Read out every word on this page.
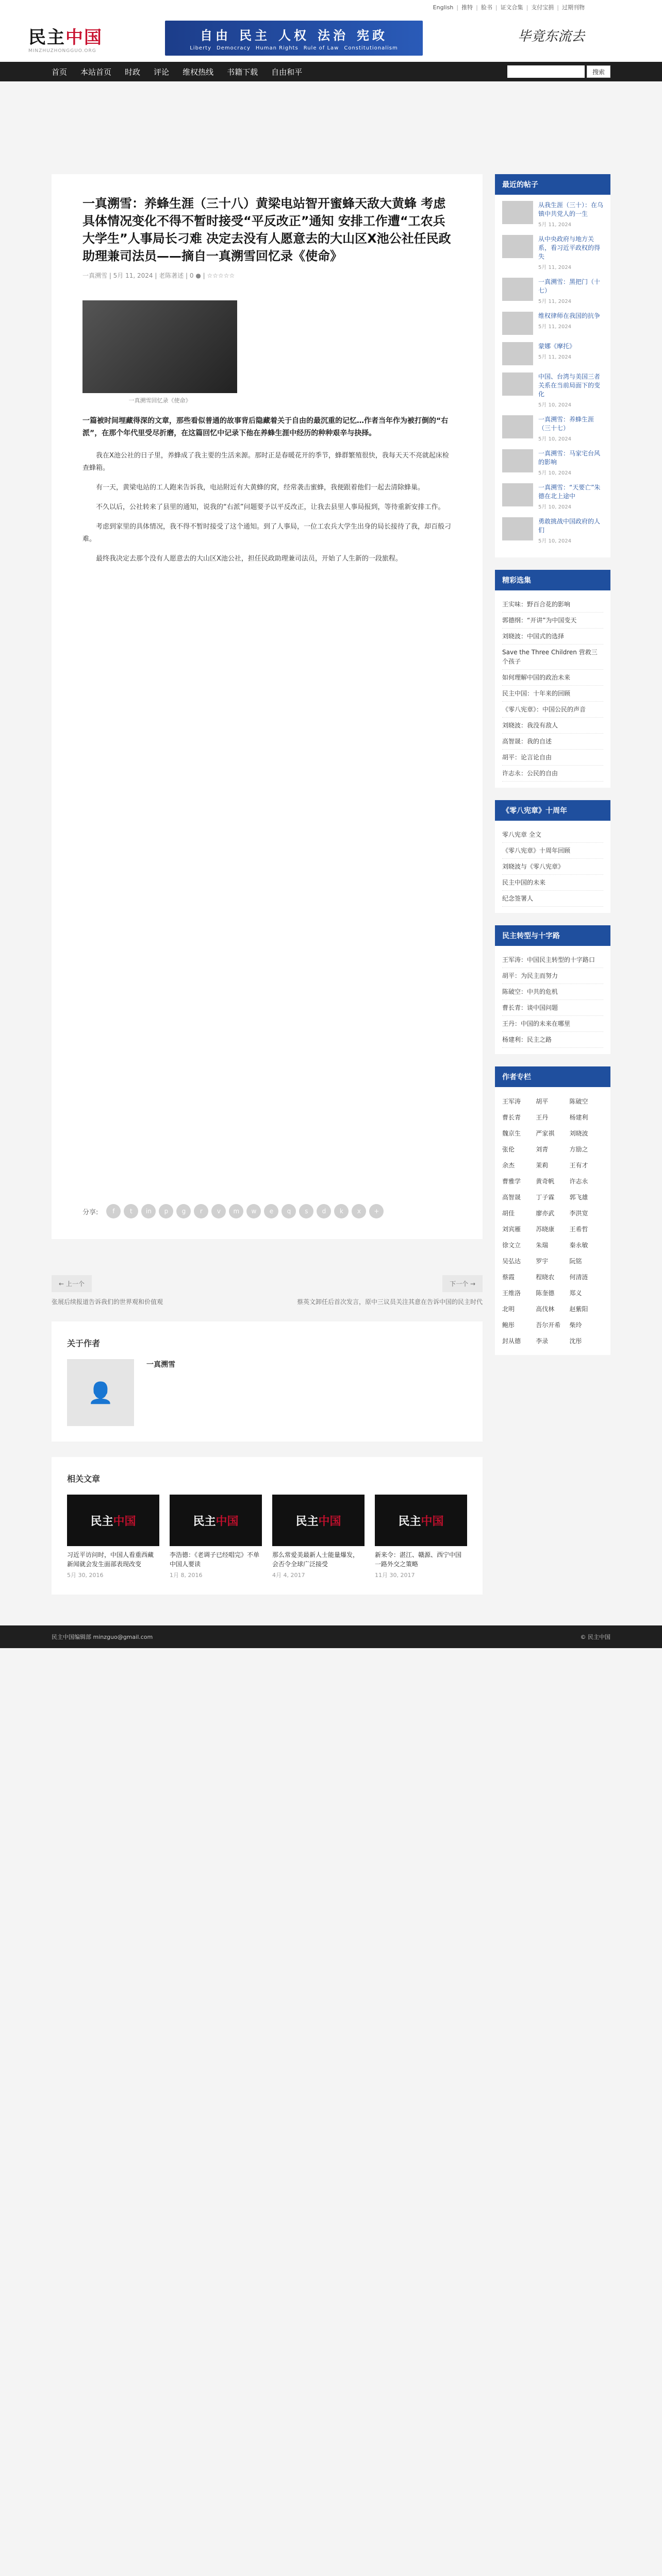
English | 推特 | 脸书 | 证文合集 | 支付宝捐 | 过期刊物
民主中国
MINZHUZHONGGUO.ORG
自由 民主 人权 法治 宪政
Liberty Democracy Human Rights Rule of Law Constitutionalism
毕竟东流去
首页 本站首页 时政 评论 维权热线 书籍下载 自由和平	搜索
一真溯雪：养蜂生涯（三十八）黄梁电站智开蜜蜂天敌大黄蜂 考虑具体情况变化不得不暂时接受“平反改正”通知 安排工作遭“工农兵大学生”人事局长刁难 决定去没有人愿意去的大山区X池公社任民政助理兼司法员——摘自一真溯雪回忆录《使命》
一真溯雪 | 5月 11, 2024 | 老陈著述 | 0 ● | ☆☆☆☆☆
一真溯雪回忆录《使命》

一篇被时间埋藏得深的文章，那些看似普通的故事背后隐藏着关于自由的最沉重的记忆…作者当年作为被打倒的“右派”，在那个年代里受尽折磨，在这篇回忆中记录下他在养蜂生涯中经历的种种艰辛与抉择。

我在X池公社的日子里，养蜂成了我主要的生活来源。那时正是春暖花开的季节，蜂群繁殖很快，我每天天不亮就起床检查蜂箱。

有一天，黄梁电站的工人跑来告诉我，电站附近有大黄蜂的窝，经常袭击蜜蜂，我便跟着他们一起去清除蜂巢。

不久以后，公社转来了县里的通知，说我的“右派”问题要予以平反改正，让我去县里人事局报到，等待重新安排工作。

考虑到家里的具体情况，我不得不暂时接受了这个通知。到了人事局，一位工农兵大学生出身的局长接待了我，却百般刁难。

最终我决定去那个没有人愿意去的大山区X池公社，担任民政助理兼司法员，开始了人生新的一段旅程。

分享:	f	t	in	p	g	r	v	m	w	e	q	s	d	k	x	+
← 上一个
张展后续报道告诉我们的世界观和价值观
下一个 →
蔡英文卸任后首次发言，原中三议员关注其意在告诉中国的民主时代
关于作者
👤
一真溯雪
相关文章
民主 中国
习近平访问时，中国人看重西藏新闻就会发生面部表现改变
5月 30, 2016
民主 中国
李浩德：《老调子已经唱完》不单中国人要读
1月 8, 2016
民主 中国
那么常爱美最新人士能量爆发，会否令全球广泛接受
4月 4, 2017
民主 中国
新来令：湛江、赣源、西宁中国一路外交之策略
11月 30, 2017
最近的帖子
从我生涯（三十）：在乌镇中共党人的一生
5月 11, 2024
从中央政府与地方关系，看习近平政权的得失
5月 11, 2024
一真溯雪：黑把门（十七）
5月 11, 2024
维权律师在我国的抗争
5月 11, 2024
蒙娜《摩托》
5月 11, 2024
中国、台湾与美国三者关系在当前局面下的变化
5月 10, 2024
一真溯雪：养蜂生涯（三十七）
5月 10, 2024
一真溯雪：马家宅台风的影响
5月 10, 2024
一真溯雪：“天要亡”朱德在北上途中
5月 10, 2024
勇敢挑战中国政府的人们
5月 10, 2024
精彩选集
王实味：野百合花的影响
郭德纲：“开讲”为中国变天
刘晓波：中国式的选择
Save the Three Children 营救三个孩子
如何理解中国的政治未来
民主中国：十年来的回顾
《零八宪章》：中国公民的声音
刘晓波：我没有敌人
高智晟：我的自述
胡平：论言论自由
许志永：公民的自由
《零八宪章》十周年
零八宪章 全文
《零八宪章》十周年回顾
刘晓波与《零八宪章》
民主中国的未来
纪念签署人
民主转型与十字路
王军涛：中国民主转型的十字路口
胡平：为民主而努力
陈破空：中共的危机
曹长青：谈中国问题
王丹：中国的未来在哪里
杨建利：民主之路
作者专栏
王军涛	胡平	陈破空
曹长青	王丹	杨建利
魏京生	严家祺	刘晓波
张伦	刘青	方励之
余杰	茉莉	王有才
曹雅学	黄奇帆	许志永
高智晟	丁子霖	郭飞雄
胡佳	廖亦武	李洪宽
刘宾雁	苏晓康	王希哲
徐文立	朱瑞	秦永敏
吴弘达	罗宇	阮铭
蔡霞	程晓农	何清涟
王维洛	陈奎德	郑义
北明	高伐林	赵紫阳
鲍彤	吾尔开希	柴玲
封从德	李录	沈彤
民主中国编辑部 minzguo@gmail.com	© 民主中国
